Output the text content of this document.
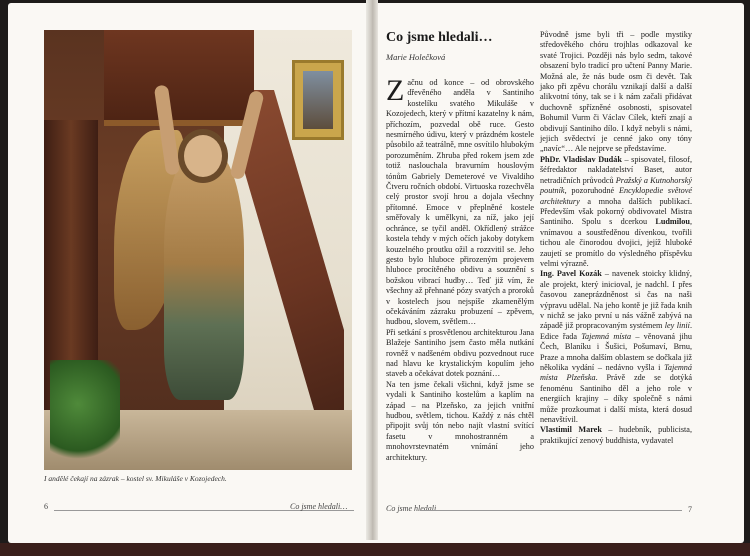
I andělé čekají na zázrak – kostel sv. Mikuláše v Kozojedech.
6	Co jsme hledali…
Co jsme hledali…
Marie Holečková

Začnu od konce – od obrovského dřevěného anděla v Santiniho kostelíku svatého Mikuláše v Kozojedech, který v přítmí kazatelny k nám, příchozím, pozvedal obě ruce. Gesto nesmírného údivu, který v prázdném kostele působilo až teatrálně, mne osvítilo hlubokým porozuměním. Zhruba před rokem jsem zde totiž naslouchala bravurním houslovým tónům Gabriely Demeterové ve Vivaldiho Čtveru ročních období. Virtuoska rozechvěla celý prostor svojí hrou a dojala všechny přítomné. Emoce v přeplněné kostele směřovaly k umělkyni, za níž, jako její ochránce, se tyčil anděl. Okřídlený strážce kostela tehdy v mých očích jakoby dotykem kouzelného proutku ožil a rozzvitil se. Jeho gesto bylo hluboce přirozeným projevem hluboce procítěného obdivu a souznění s božskou vibrací hudby… Teď již vím, že všechny až přehnané pózy svatých a proroků v kostelech jsou nejspíše zkamenělým očekáváním zázraku probuzení – zpěvem, hudbou, slovem, světlem…

Při setkání s prosvětlenou architekturou Jana Blažeje Santiniho jsem často měla nutkání rovněž v nadšeném obdivu pozvednout ruce nad hlavu ke krystalickým kopulím jeho staveb a očekávat dotek poznání…

Na ten jsme čekali všichni, když jsme se vydali k Santiniho kostelům a kaplím na západ – na Plzeňsko, za jejich vnitřní hudbou, světlem, tichou. Každý z nás chtěl připojit svůj tón nebo najít vlastní svítící fasetu v mnohostranném a mnohovrstevnatém vnímání jeho architektury.

Původně jsme byli tři – podle mystiky středověkého chóru trojhlas odkazoval ke svaté Trojici. Později nás bylo sedm, takové obsazení bylo tradicí pro učtení Panny Marie. Možná ale, že nás bude osm či devět. Tak jako při zpěvu chorálu vznikají další a další alikvotní tóny, tak se i k nám začali přidávat duchovně spřízněné osobnosti, spisovatel Bohumil Vurm či Václav Cílek, kteří znají a obdivují Santiniho dílo. I když nebyli s námi, jejich svědectví je cenné jako ony tóny „navíc“… Ale nejprve se představíme.

PhDr. Vladislav Dudák – spisovatel, filosof, šéfredaktor nakladatelství Baset, autor netradičních průvodců Pražský a Kutnohorský poutník, pozoruhodné Encyklopedie světové architektury a mnoha dalších publikací. Především však pokorný obdivovatel Mistra Santiniho. Spolu s dcerkou Ludmilou, vnímavou a soustředěnou dívenkou, tvořili tichou ale činorodou dvojici, jejíž hluboké zaujetí se promítlo do výsledného příspěvku velmi výrazně.

Ing. Pavel Kozák – navenek stoicky klidný, ale projekt, který inicioval, je nadchl. I přes časovou zaneprázdněnost si čas na naši výpravu udělal. Na jeho kontě je již řada knih v nichž se jako první u nás vážně zabývá na západě již propracovaným systémem ley linií. Edice řada Tajemná místa – věnovaná jihu Čech, Blaníku i Šušici, Pošumaví, Brnu, Praze a mnoha dalším oblastem se dočkala již několika vydání – nedávno vyšla i Tajemná místa Plzeňska. Právě zde se dotýká fenoménu Santiniho děl a jeho role v energiích krajiny – díky společně s námi může prozkoumat i další místa, která dosud nenavštívil.

Vlastimil Marek – hudebník, publicista, praktikující zenový buddhista, vydavatel

Co jsme hledali…	7
